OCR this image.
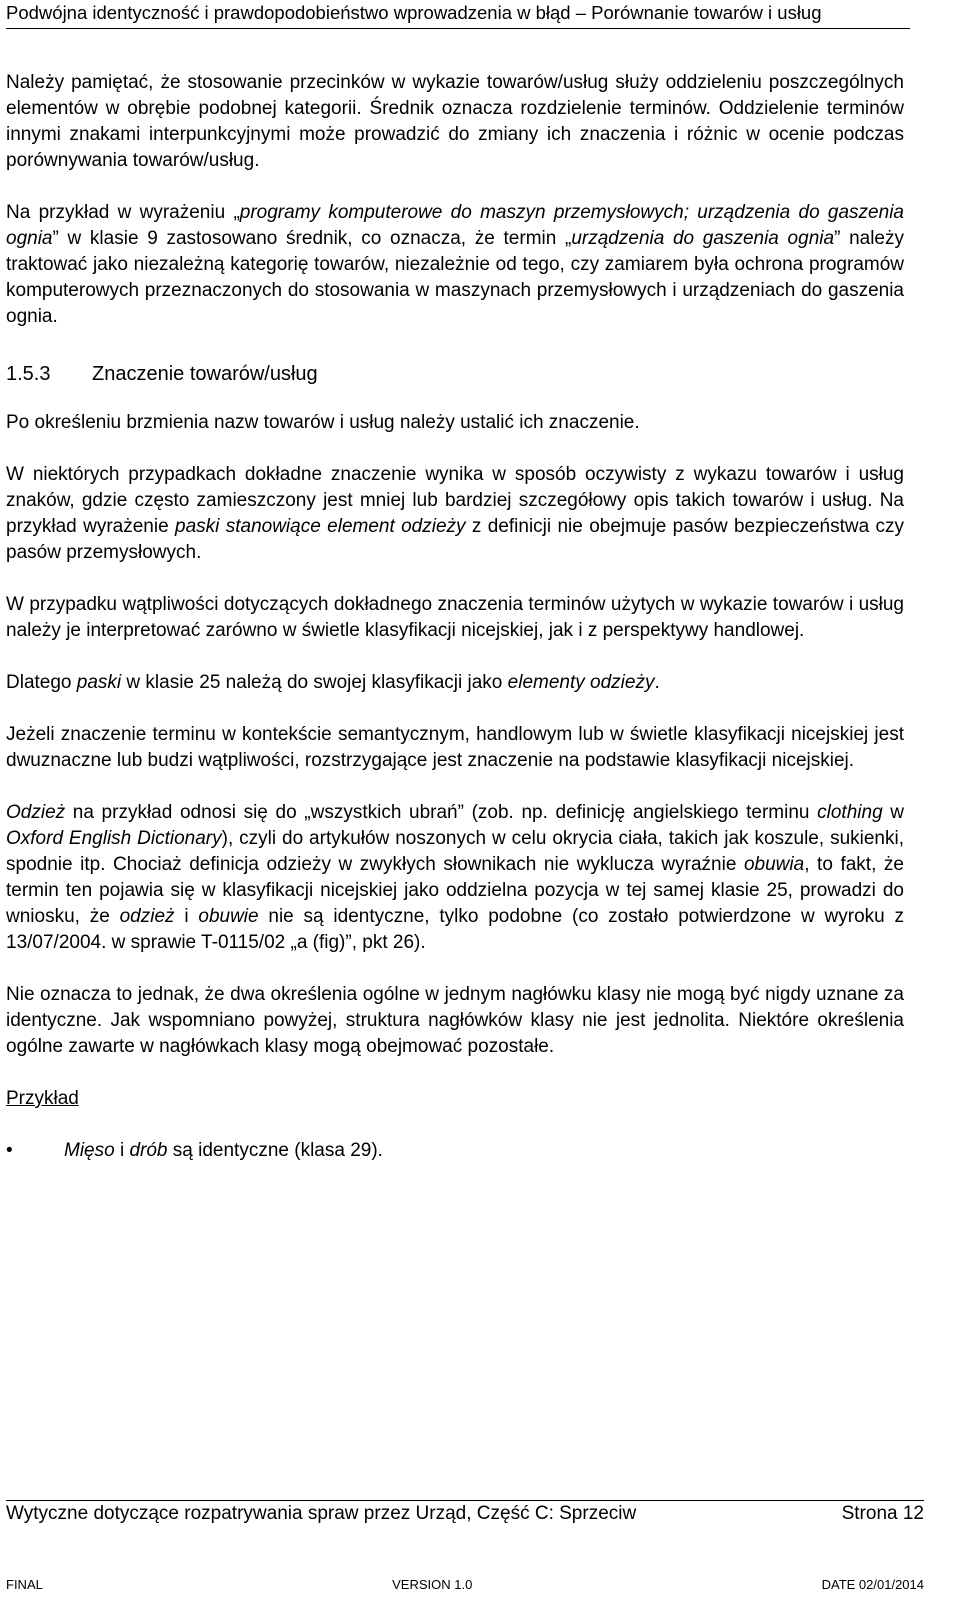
Podwójna identyczność i prawdopodobieństwo wprowadzenia w błąd – Porównanie towarów i usług

Należy pamiętać, że stosowanie przecinków w wykazie towarów/usług służy oddzieleniu poszczególnych elementów w obrębie podobnej kategorii. Średnik oznacza rozdzielenie terminów. Oddzielenie terminów innymi znakami interpunkcyjnymi może prowadzić do zmiany ich znaczenia i różnic w ocenie podczas porównywania towarów/usług.

Na przykład w wyrażeniu „programy komputerowe do maszyn przemysłowych; urządzenia do gaszenia ognia” w klasie 9 zastosowano średnik, co oznacza, że termin „urządzenia do gaszenia ognia” należy traktować jako niezależną kategorię towarów, niezależnie od tego, czy zamiarem była ochrona programów komputerowych przeznaczonych do stosowania w maszynach przemysłowych i urządzeniach do gaszenia ognia.

1.5.3	Znaczenie towarów/usług

Po określeniu brzmienia nazw towarów i usług należy ustalić ich znaczenie.

W niektórych przypadkach dokładne znaczenie wynika w sposób oczywisty z wykazu towarów i usług znaków, gdzie często zamieszczony jest mniej lub bardziej szczegółowy opis takich towarów i usług. Na przykład wyrażenie paski stanowiące element odzieży z definicji nie obejmuje pasów bezpieczeństwa czy pasów przemysłowych.

W przypadku wątpliwości dotyczących dokładnego znaczenia terminów użytych w wykazie towarów i usług należy je interpretować zarówno w świetle klasyfikacji nicejskiej, jak i z perspektywy handlowej.

Dlatego paski w klasie 25 należą do swojej klasyfikacji jako elementy odzieży.

Jeżeli znaczenie terminu w kontekście semantycznym, handlowym lub w świetle klasyfikacji nicejskiej jest dwuznaczne lub budzi wątpliwości, rozstrzygające jest znaczenie na podstawie klasyfikacji nicejskiej.

Odzież na przykład odnosi się do „wszystkich ubrań” (zob. np. definicję angielskiego terminu clothing w Oxford English Dictionary), czyli do artykułów noszonych w celu okrycia ciała, takich jak koszule, sukienki, spodnie itp. Chociaż definicja odzieży w zwykłych słownikach nie wyklucza wyraźnie obuwia, to fakt, że termin ten pojawia się w klasyfikacji nicejskiej jako oddzielna pozycja w tej samej klasie 25, prowadzi do wniosku, że odzież i obuwie nie są identyczne, tylko podobne (co zostało potwierdzone w wyroku z 13/07/2004. w sprawie T-0115/02 „a (fig)”, pkt 26).

Nie oznacza to jednak, że dwa określenia ogólne w jednym nagłówku klasy nie mogą być nigdy uznane za identyczne. Jak wspomniano powyżej, struktura nagłówków klasy nie jest jednolita. Niektóre określenia ogólne zawarte w nagłówkach klasy mogą obejmować pozostałe.

Przykład

•	Mięso i drób są identyczne (klasa 29).

Wytyczne dotyczące rozpatrywania spraw przez Urząd, Część C: Sprzeciw	Strona 12
FINAL	VERSION 1.0	DATE 02/01/2014
